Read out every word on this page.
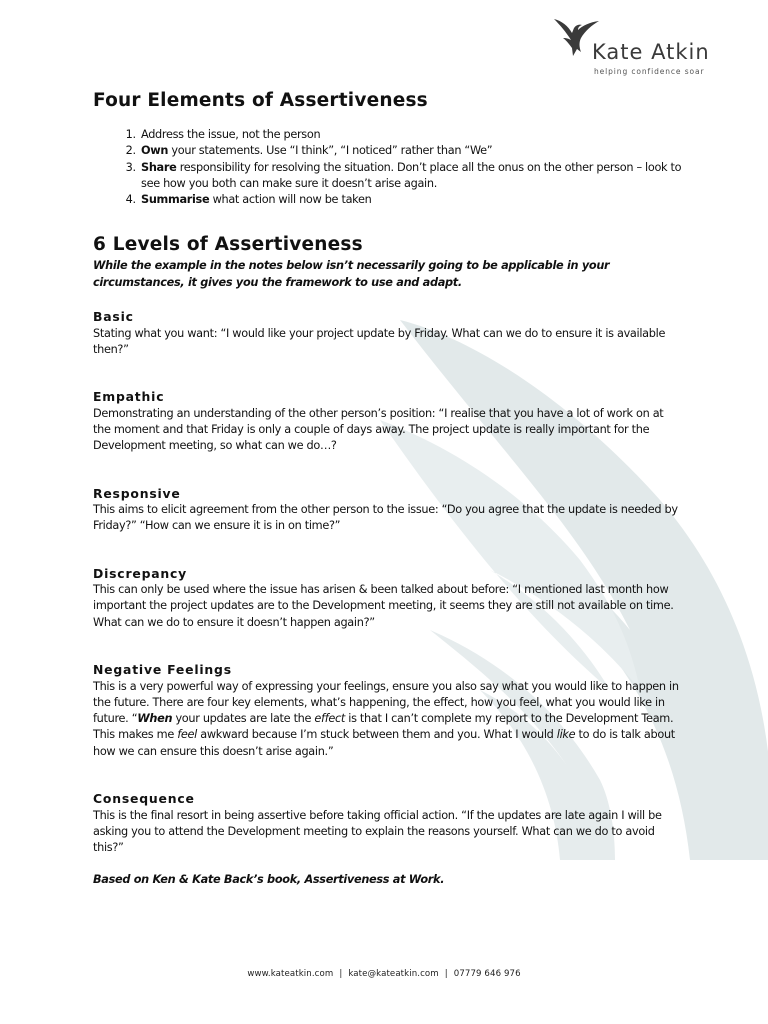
Kate Atkin
helping confidence soar
Four Elements of Assertiveness
1. Address the issue, not the person
2. Own your statements. Use “I think”, “I noticed” rather than “We”
3. Share responsibility for resolving the situation. Don’t place all the onus on the other person – look to see how you both can make sure it doesn’t arise again.
4. Summarise what action will now be taken
6 Levels of Assertiveness

While the example in the notes below isn’t necessarily going to be applicable in your circumstances, it gives you the framework to use and adapt.

Basic

Stating what you want: “I would like your project update by Friday. What can we do to ensure it is available then?”

Empathic

Demonstrating an understanding of the other person’s position: “I realise that you have a lot of work on at the moment and that Friday is only a couple of days away. The project update is really important for the Development meeting, so what can we do…?

Responsive

This aims to elicit agreement from the other person to the issue: “Do you agree that the update is needed by Friday?” “How can we ensure it is in on time?”

Discrepancy

This can only be used where the issue has arisen & been talked about before: “I mentioned last month how important the project updates are to the Development meeting, it seems they are still not available on time. What can we do to ensure it doesn’t happen again?”

Negative Feelings

This is a very powerful way of expressing your feelings, ensure you also say what you would like to happen in the future. There are four key elements, what’s happening, the effect, how you feel, what you would like in future. “When your updates are late the effect is that I can’t complete my report to the Development Team. This makes me feel awkward because I’m stuck between them and you. What I would like to do is talk about how we can ensure this doesn’t arise again.”

Consequence

This is the final resort in being assertive before taking official action. “If the updates are late again I will be asking you to attend the Development meeting to explain the reasons yourself. What can we do to avoid this?”

Based on Ken & Kate Back’s book, Assertiveness at Work.

www.kateatkin.com | kate@kateatkin.com | 07779 646 976
